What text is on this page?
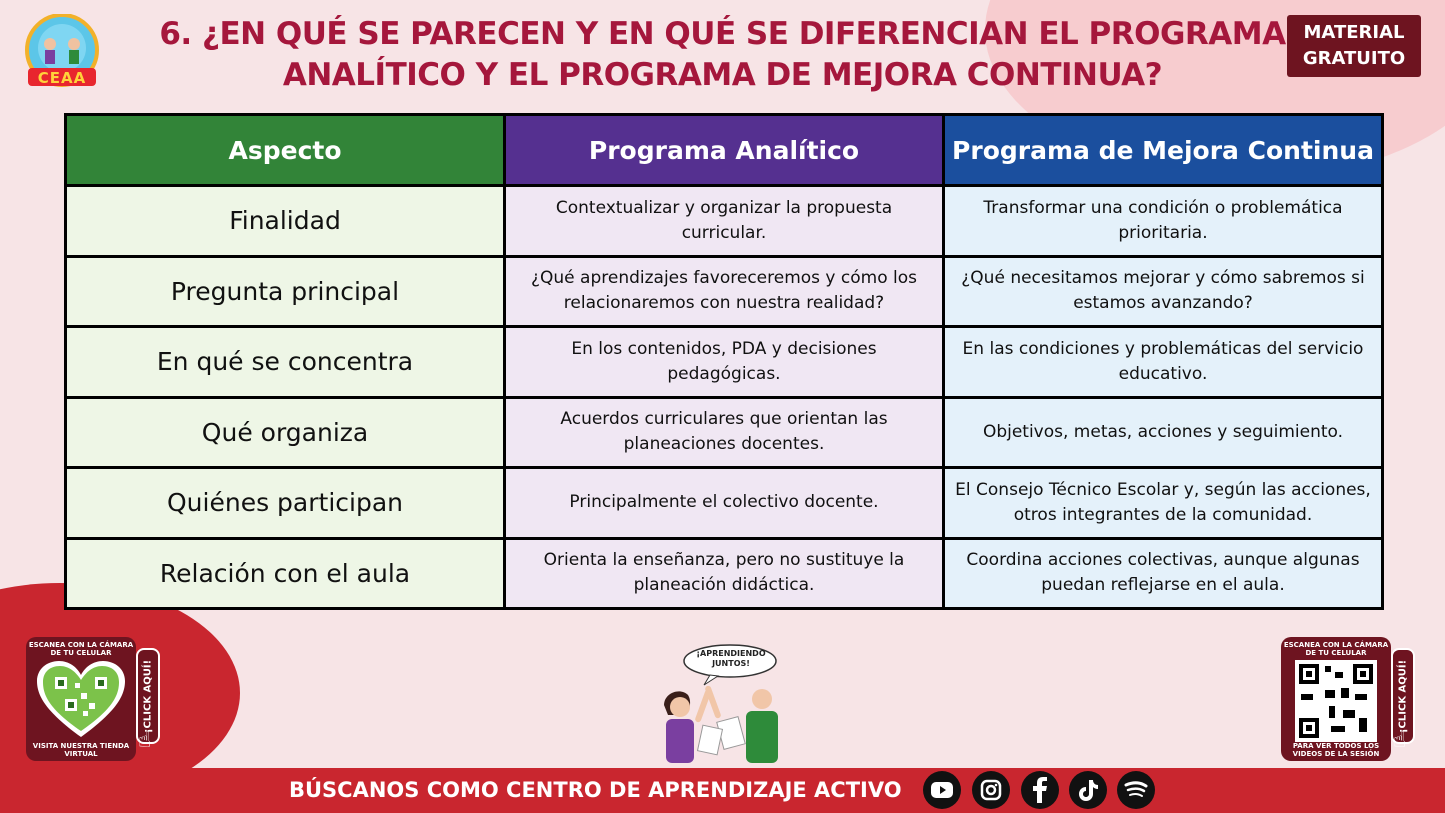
CEAA
6. ¿EN QUÉ SE PARECEN Y EN QUÉ SE DIFERENCIAN EL PROGRAMA
ANALÍTICO Y EL PROGRAMA DE MEJORA CONTINUA?
MATERIAL
GRATUITO
Aspecto	Programa Analítico	Programa de Mejora Continua
Finalidad	Contextualizar y organizar la propuesta curricular.	Transformar una condición o problemática prioritaria.
Pregunta principal	¿Qué aprendizajes favoreceremos y cómo los relacionaremos con nuestra realidad?	¿Qué necesitamos mejorar y cómo sabremos si estamos avanzando?
En qué se concentra	En los contenidos, PDA y decisiones pedagógicas.	En las condiciones y problemáticas del servicio educativo.
Qué organiza	Acuerdos curriculares que orientan las planeaciones docentes.	Objetivos, metas, acciones y seguimiento.
Quiénes participan	Principalmente el colectivo docente.	El Consejo Técnico Escolar y, según las acciones, otros integrantes de la comunidad.
Relación con el aula	Orienta la enseñanza, pero no sustituye la planeación didáctica.	Coordina acciones colectivas, aunque algunas puedan reflejarse en el aula.
ESCANEA CON LA CÁMARA DE TU CELULAR
VISITA NUESTRA TIENDA VIRTUAL
¡CLICK AQUÍ!
☝
¡APRENDIENDO JUNTOS!
ESCANEA CON LA CÁMARA DE TU CELULAR
PARA VER TODOS LOS VIDEOS DE LA SESIÓN
¡CLICK AQUÍ!
☝
BÚSCANOS COMO CENTRO DE APRENDIZAJE ACTIVO
